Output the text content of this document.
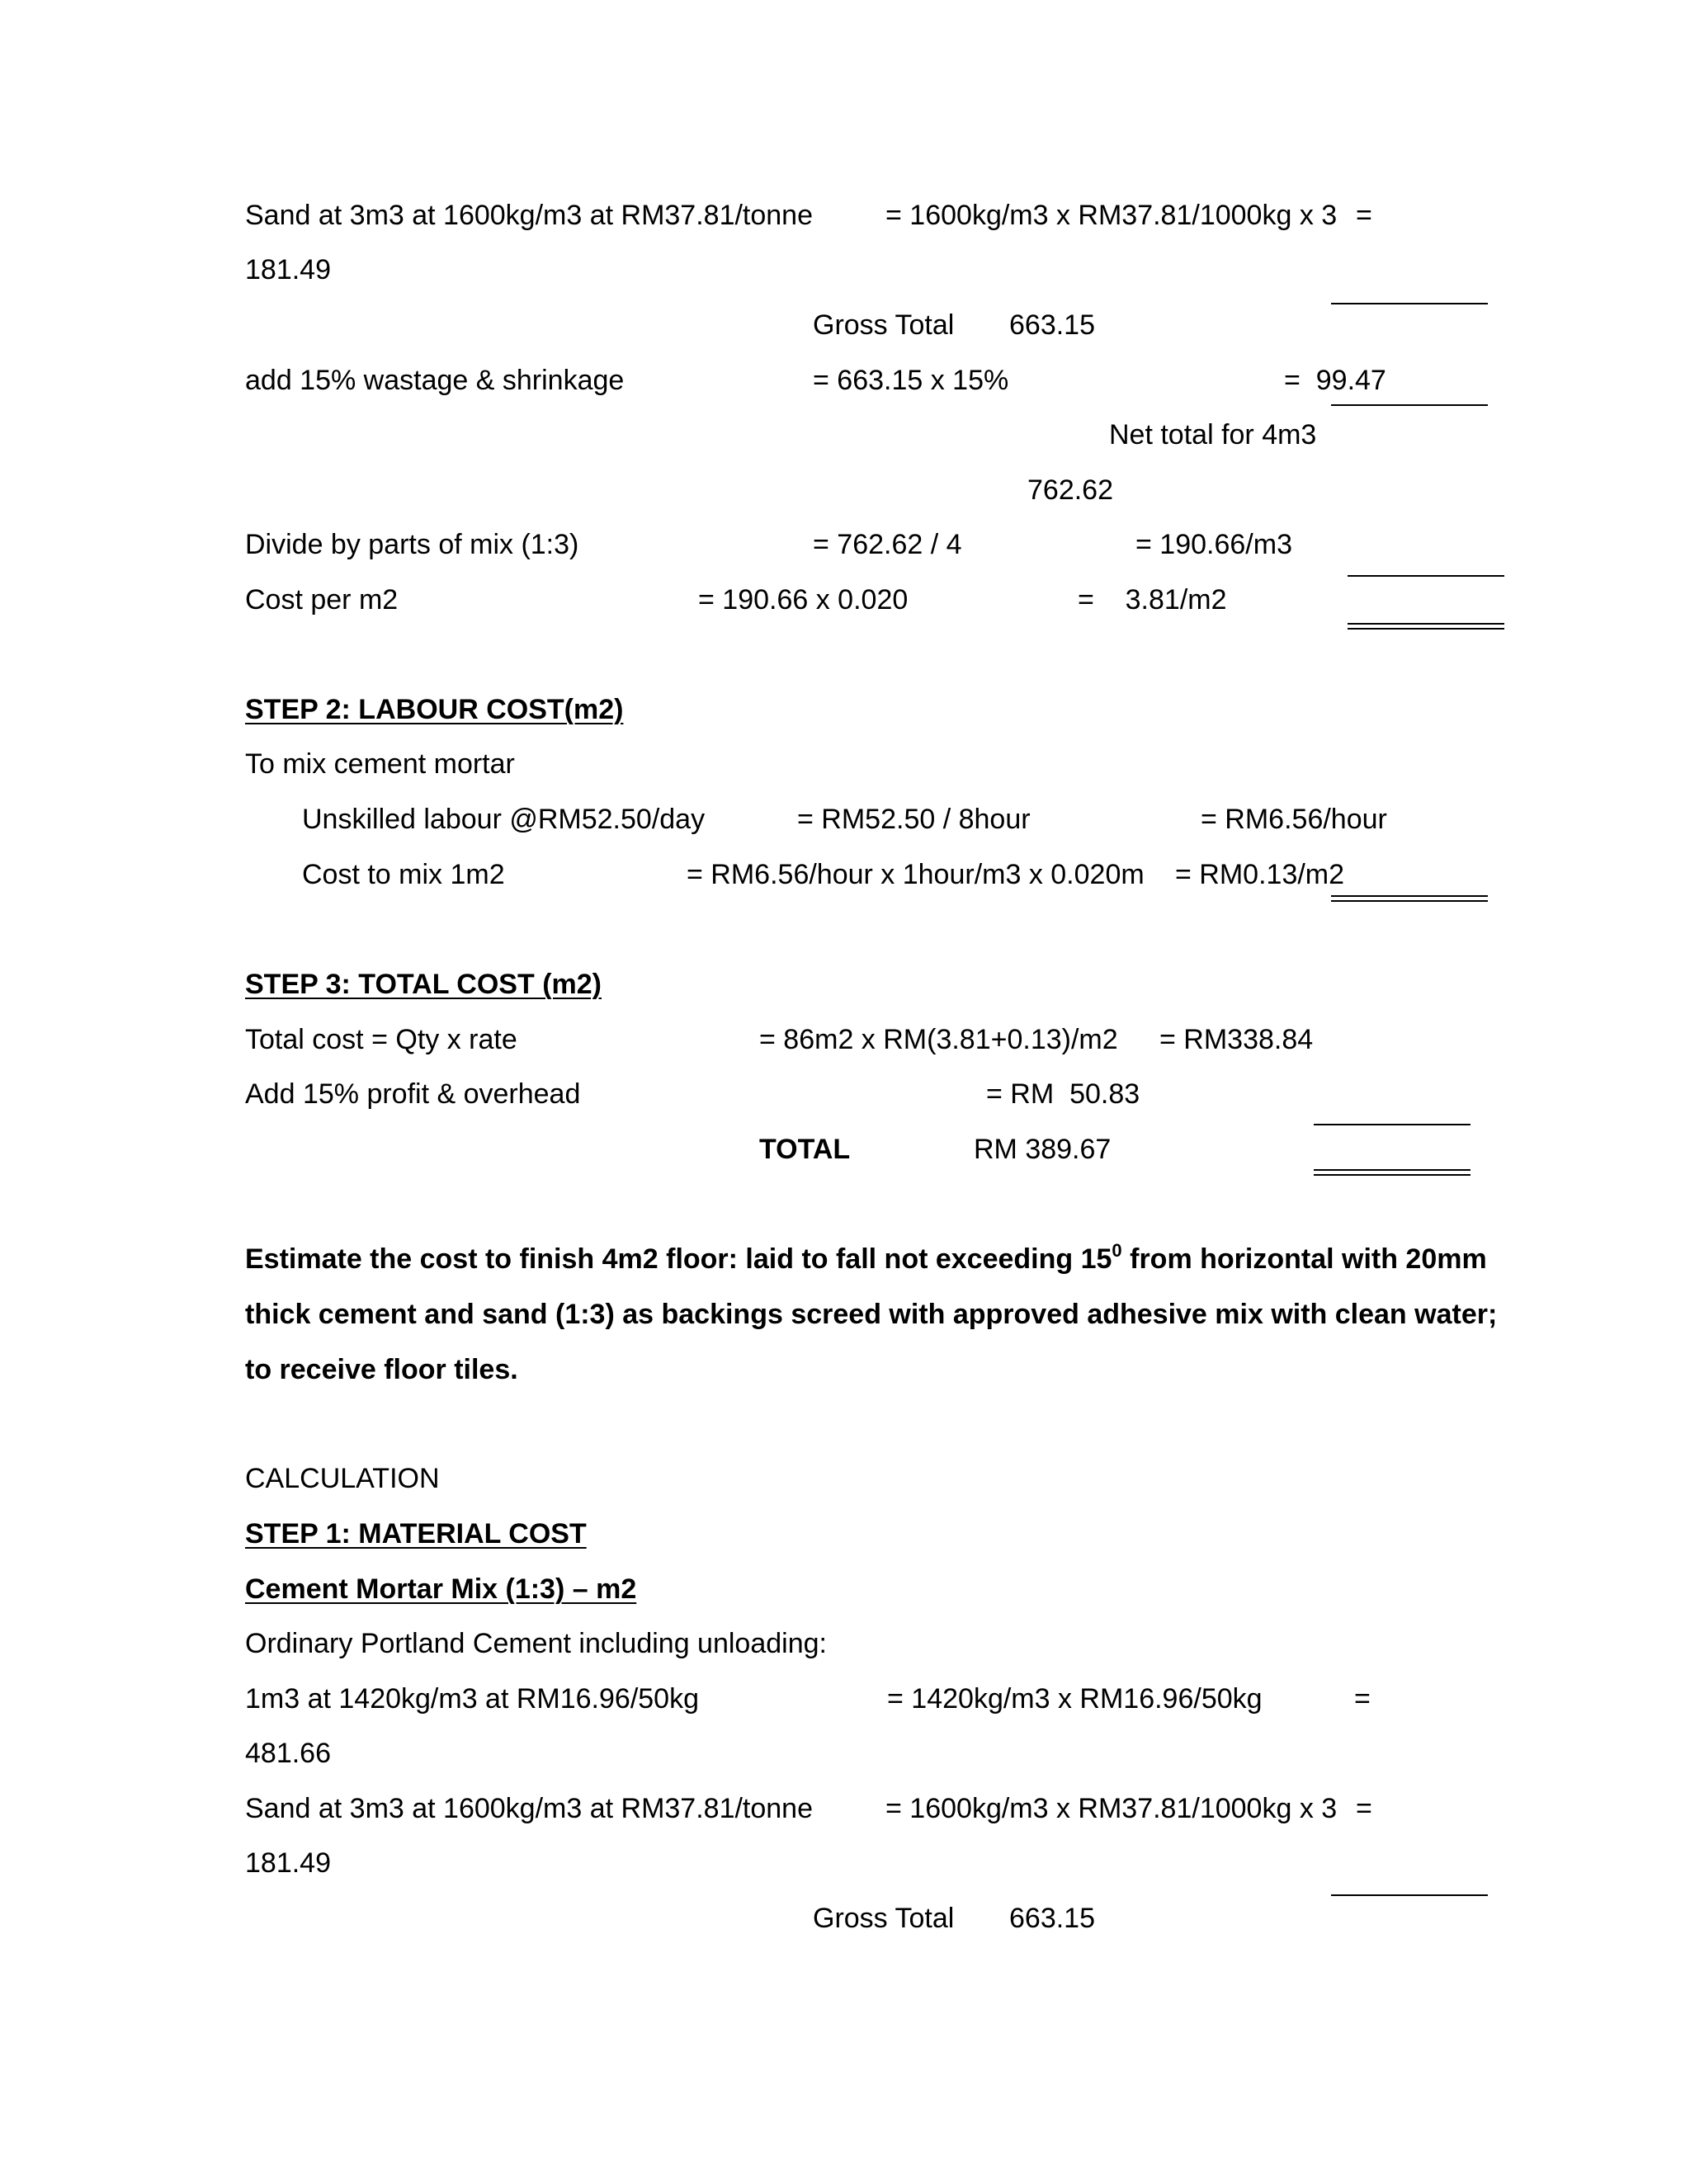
Sand at 3m3 at 1600kg/m3 at RM37.81/tonne	= 1600kg/m3 x RM37.81/1000kg x 3 =
181.49
Gross Total 663.15
add 15% wastage & shrinkage	= 663.15 x 15%	=  99.47
Net total for 4m3
762.62
Divide by parts of mix (1:3)	= 762.62 / 4	= 190.66/m3
Cost per m2	= 190.66 x 0.020	=    3.81/m2
STEP 2: LABOUR COST(m2)
To mix cement mortar
Unskilled labour @RM52.50/day	= RM52.50 / 8hour	= RM6.56/hour
Cost to mix 1m2	= RM6.56/hour x 1hour/m3 x 0.020m = RM0.13/m2
STEP 3: TOTAL COST (m2)
Total cost = Qty x rate	= 86m2 x RM(3.81+0.13)/m2 = RM338.84
Add 15% profit & overhead	= RM  50.83
TOTAL	RM 389.67
Estimate the cost to finish 4m2 floor: laid to fall not exceeding $15^0$ from horizontal with 20mm
thick cement and sand (1:3) as backings screed with approved adhesive mix with clean water;
to receive floor tiles.
CALCULATION
STEP 1: MATERIAL COST
Cement Mortar Mix (1:3) – m2
Ordinary Portland Cement including unloading:
1m3 at 1420kg/m3 at RM16.96/50kg	= 1420kg/m3 x RM16.96/50kg	=
481.66
Sand at 3m3 at 1600kg/m3 at RM37.81/tonne	= 1600kg/m3 x RM37.81/1000kg x 3 =
181.49
Gross Total 663.15
